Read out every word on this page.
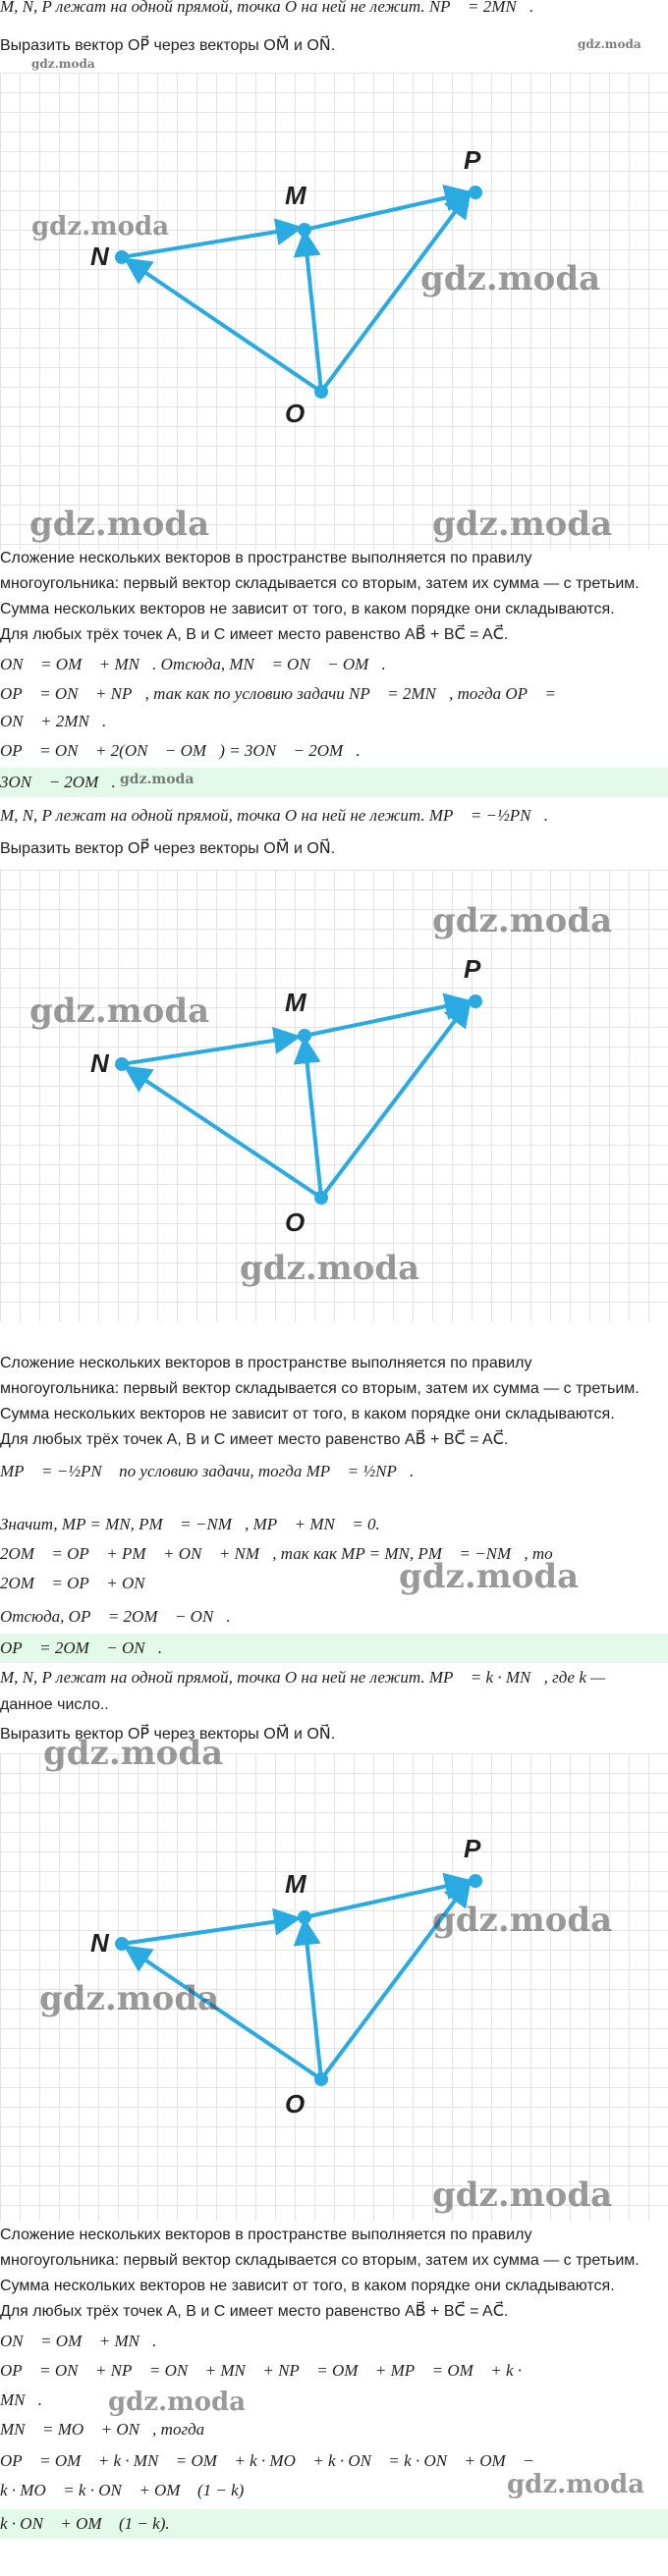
M, N, P лежат на одной прямой, точка O на ней не лежит. NP⃗ = 2MN⃗.
Выразить вектор OP⃗ через векторы OM⃗ и ON⃗.
gdz.moda
gdz.moda
N
M
P
O
gdz.moda
gdz.moda
gdz.moda	gdz.moda
Сложение нескольких векторов в пространстве выполняется по правилу
многоугольника: первый вектор складывается со вторым, затем их сумма — с третьим.
Сумма нескольких векторов не зависит от того, в каком порядке они складываются.
Для любых трёх точек A, B и C имеет место равенство AB⃗ + BC⃗ = AC⃗.
ON⃗ = OM⃗ + MN⃗. Отсюда, MN⃗ = ON⃗ − OM⃗.
OP⃗ = ON⃗ + NP⃗, так как по условию задачи NP⃗ = 2MN⃗, тогда OP⃗ =
ON⃗ + 2MN⃗.
OP⃗ = ON⃗ + 2(ON⃗ − OM⃗) = 3ON⃗ − 2OM⃗.
3ON⃗ − 2OM⃗. gdz.moda
M, N, P лежат на одной прямой, точка O на ней не лежит. MP⃗ = −½PN⃗.
Выразить вектор OP⃗ через векторы OM⃗ и ON⃗.
N
M
P
O
gdz.moda
gdz.moda
gdz.moda
Сложение нескольких векторов в пространстве выполняется по правилу
многоугольника: первый вектор складывается со вторым, затем их сумма — с третьим.
Сумма нескольких векторов не зависит от того, в каком порядке они складываются.
Для любых трёх точек A, B и C имеет место равенство AB⃗ + BC⃗ = AC⃗.
MP⃗ = −½PN⃗ по условию задачи, тогда MP⃗ = ½NP⃗.
Значит, MP = MN, PM⃗ = −NM⃗, MP⃗ + MN⃗ = 0.
2OM⃗ = OP⃗ + PM⃗ + ON⃗ + NM⃗, так как MP = MN, PM⃗ = −NM⃗, то
2OM⃗ = OP⃗ + ON⃗	gdz.moda
Отсюда, OP⃗ = 2OM⃗ − ON⃗.
OP⃗ = 2OM⃗ − ON⃗.
M, N, P лежат на одной прямой, точка O на ней не лежит. MP⃗ = k · MN⃗, где k —
данное число..
Выразить вектор OP⃗ через векторы OM⃗ и ON⃗.
N
M
P
O
gdz.moda
gdz.moda
gdz.moda
gdz.moda
Сложение нескольких векторов в пространстве выполняется по правилу
многоугольника: первый вектор складывается со вторым, затем их сумма — с третьим.
Сумма нескольких векторов не зависит от того, в каком порядке они складываются.
Для любых трёх точек A, B и C имеет место равенство AB⃗ + BC⃗ = AC⃗.
ON⃗ = OM⃗ + MN⃗.
OP⃗ = ON⃗ + NP⃗ = ON⃗ + MN⃗ + NP⃗ = OM⃗ + MP⃗ = OM⃗ + k ·
MN⃗.	gdz.moda
MN⃗ = MO⃗ + ON⃗, тогда
OP⃗ = OM⃗ + k · MN⃗ = OM⃗ + k · MO⃗ + k · ON⃗ = k · ON⃗ + OM⃗ −
k · MO⃗ = k · ON⃗ + OM⃗ (1 − k)	gdz.moda
k · ON⃗ + OM⃗ (1 − k).
